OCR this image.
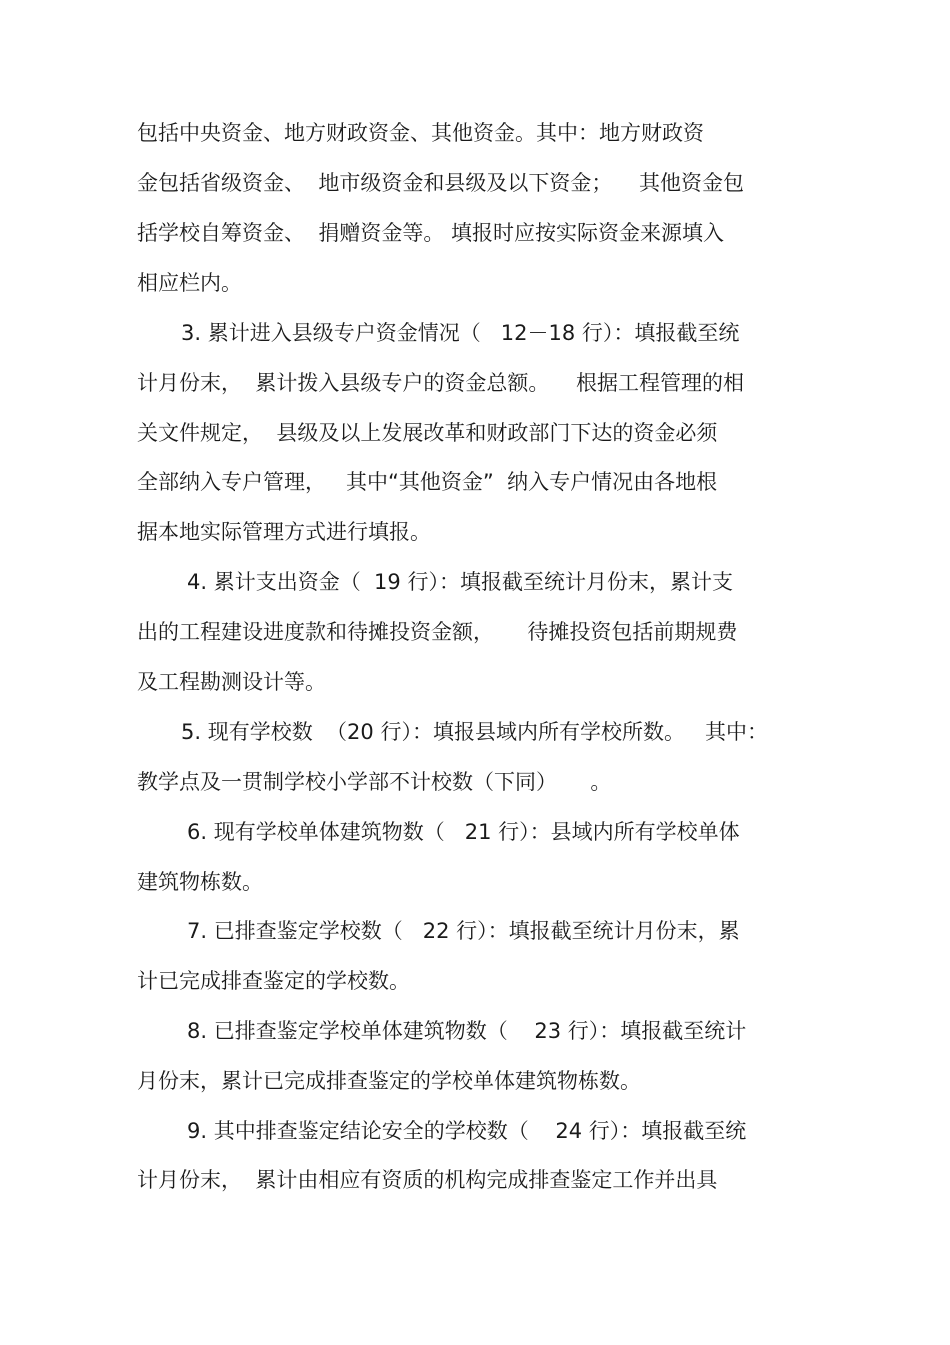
包括中央资金、地方财政资金、其他资金。其中：地方财政资

金包括省级资金、  地市级资金和县级及以下资金；    其他资金包

括学校自筹资金、  捐赠资金等。 填报时应按实际资金来源填入

相应栏内。

3. 累计进入县级专户资金情况（   12－18 行）：填报截至统

计月份末，  累计拨入县级专户的资金总额。    根据工程管理的相

关文件规定，  县级及以上发展改革和财政部门下达的资金必须

全部纳入专户管理，   其中“其他资金”  纳入专户情况由各地根

据本地实际管理方式进行填报。

4. 累计支出资金（  19 行）：填报截至统计月份末，累计支

出的工程建设进度款和待摊投资金额，     待摊投资包括前期规费

及工程勘测设计等。

5. 现有学校数  （20 行）：填报县域内所有学校所数。   其中：

教学点及一贯制学校小学部不计校数（下同）     。

6. 现有学校单体建筑物数（   21 行）：县域内所有学校单体

建筑物栋数。

7. 已排查鉴定学校数（   22 行）：填报截至统计月份末，累

计已完成排查鉴定的学校数。

8. 已排查鉴定学校单体建筑物数（    23 行）：填报截至统计

月份末，累计已完成排查鉴定的学校单体建筑物栋数。

9. 其中排查鉴定结论安全的学校数（    24 行）：填报截至统

计月份末，  累计由相应有资质的机构完成排查鉴定工作并出具
